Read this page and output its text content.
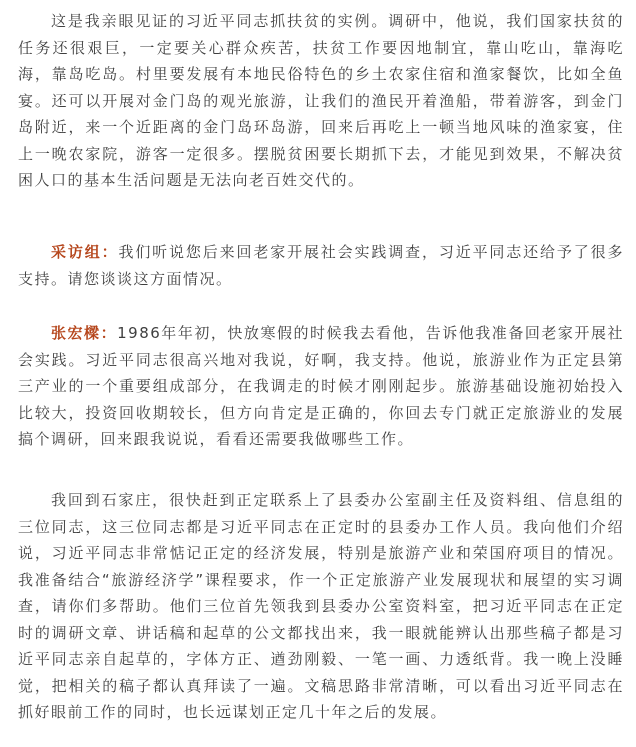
这是我亲眼见证的习近平同志抓扶贫的实例。调研中，他说，我们国家扶贫的任务还很艰巨，一定要关心群众疾苦，扶贫工作要因地制宜，靠山吃山，靠海吃海，靠岛吃岛。村里要发展有本地民俗特色的乡土农家住宿和渔家餐饮，比如全鱼宴。还可以开展对金门岛的观光旅游，让我们的渔民开着渔船，带着游客，到金门岛附近，来一个近距离的金门岛环岛游，回来后再吃上一顿当地风味的渔家宴，住上一晚农家院，游客一定很多。摆脱贫困要长期抓下去，才能见到效果，不解决贫困人口的基本生活问题是无法向老百姓交代的。

采访组：我们听说您后来回老家开展社会实践调查，习近平同志还给予了很多支持。请您谈谈这方面情况。

张宏樑：1986年年初，快放寒假的时候我去看他，告诉他我准备回老家开展社会实践。习近平同志很高兴地对我说，好啊，我支持。他说，旅游业作为正定县第三产业的一个重要组成部分，在我调走的时候才刚刚起步。旅游基础设施初始投入比较大，投资回收期较长，但方向肯定是正确的，你回去专门就正定旅游业的发展搞个调研，回来跟我说说，看看还需要我做哪些工作。

我回到石家庄，很快赶到正定联系上了县委办公室副主任及资料组、信息组的三位同志，这三位同志都是习近平同志在正定时的县委办工作人员。我向他们介绍说，习近平同志非常惦记正定的经济发展，特别是旅游产业和荣国府项目的情况。我准备结合“旅游经济学”课程要求，作一个正定旅游产业发展现状和展望的实习调查，请你们多帮助。他们三位首先领我到县委办公室资料室，把习近平同志在正定时的调研文章、讲话稿和起草的公文都找出来，我一眼就能辨认出那些稿子都是习近平同志亲自起草的，字体方正、遒劲刚毅、一笔一画、力透纸背。我一晚上没睡觉，把相关的稿子都认真拜读了一遍。文稿思路非常清晰，可以看出习近平同志在抓好眼前工作的同时，也长远谋划正定几十年之后的发展。
